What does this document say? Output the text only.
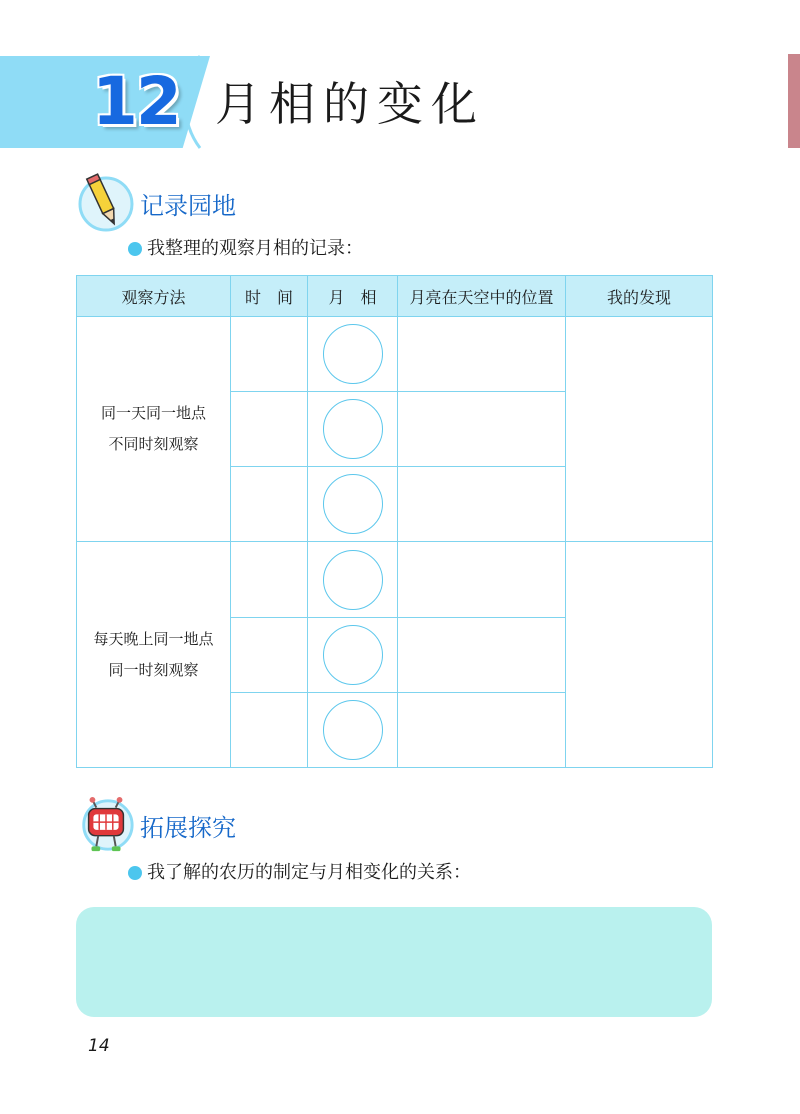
12 月相的变化
记录园地
我整理的观察月相的记录：
观察方法	时　间	月　相	月亮在天空中的位置	我的发现

同一天同一地点
不同时刻观察				

每天晚上同一地点
同一时刻观察				

拓展探究
我了解的农历的制定与月相变化的关系：
14
